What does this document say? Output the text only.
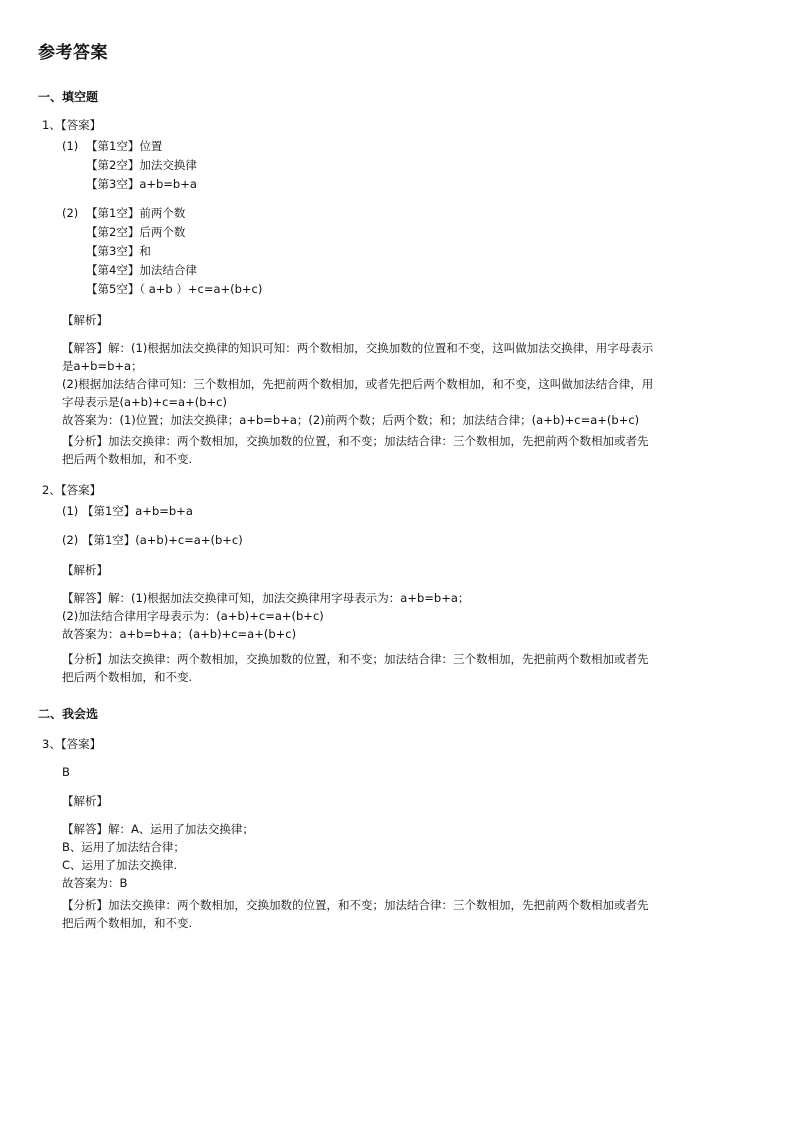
参考答案
一、填空题
1、【答案】
(1) 【第1空】位置
【第2空】加法交换律
【第3空】a+b=b+a
(2) 【第1空】前两个数
【第2空】后两个数
【第3空】和
【第4空】加法结合律
【第5空】（ a+b ）+c=a+(b+c)
【解析】
【解答】解：(1)根据加法交换律的知识可知：两个数相加，交换加数的位置和不变，这叫做加法交换律，用字母表示
是a+b=b+a；
(2)根据加法结合律可知：三个数相加，先把前两个数相加，或者先把后两个数相加，和不变，这叫做加法结合律，用
字母表示是(a+b)+c=a+(b+c)
故答案为：(1)位置；加法交换律；a+b=b+a；(2)前两个数；后两个数；和；加法结合律；(a+b)+c=a+(b+c)
【分析】加法交换律：两个数相加，交换加数的位置，和不变；加法结合律：三个数相加，先把前两个数相加或者先
把后两个数相加，和不变.
2、【答案】
(1) 【第1空】a+b=b+a
(2) 【第1空】(a+b)+c=a+(b+c)
【解析】
【解答】解：(1)根据加法交换律可知，加法交换律用字母表示为：a+b=b+a；
(2)加法结合律用字母表示为：(a+b)+c=a+(b+c)
故答案为：a+b=b+a；(a+b)+c=a+(b+c)
【分析】加法交换律：两个数相加，交换加数的位置，和不变；加法结合律：三个数相加，先把前两个数相加或者先
把后两个数相加，和不变.
二、我会选
3、【答案】
B
【解析】
【解答】解：A、运用了加法交换律；
B、运用了加法结合律；
C、运用了加法交换律.
故答案为：B
【分析】加法交换律：两个数相加，交换加数的位置，和不变；加法结合律：三个数相加，先把前两个数相加或者先
把后两个数相加，和不变.
